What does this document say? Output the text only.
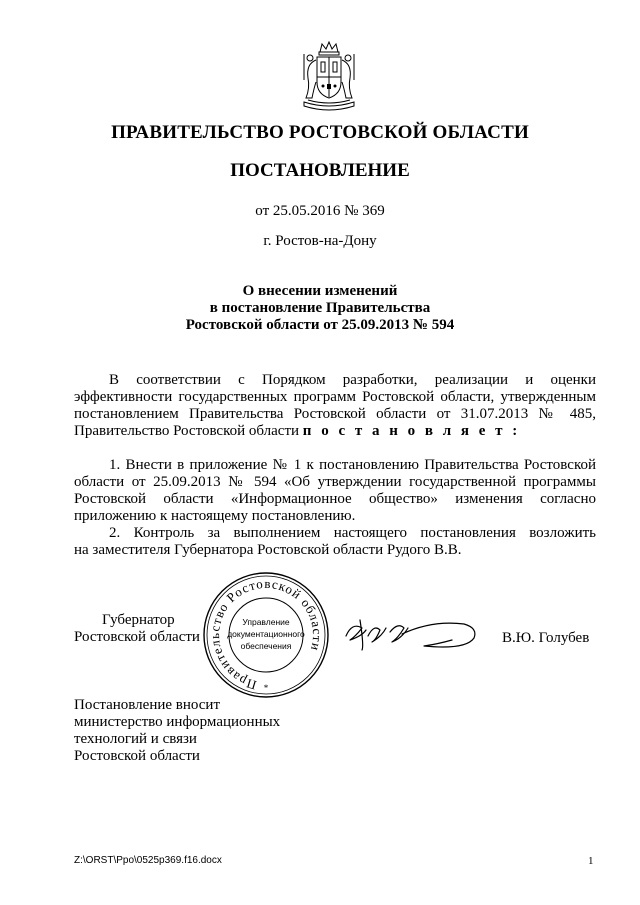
ПРАВИТЕЛЬСТВО РОСТОВСКОЙ ОБЛАСТИ
ПОСТАНОВЛЕНИЕ
от 25.05.2016 № 369
г. Ростов-на-Дону
О внесении изменений
в постановление Правительства
Ростовской области от 25.09.2013 № 594
В    соответствии    с    Порядком    разработки,    реализации    и    оценки
эффективности государственных программ Ростовской области, утвержденным
постановлением Правительства Ростовской области от 31.07.2013 № 485,
Правительство Ростовской области п о с т а н о в л я е т :
1. Внести в приложение № 1 к постановлению Правительства Ростовской
области от 25.09.2013 № 594 «Об утверждении государственной программы
Ростовской области «Информационное общество» изменения согласно
приложению к настоящему постановлению.
2. Контроль за выполнением настоящего постановления возложить
на заместителя Губернатора Ростовской области Рудого В.В.
Губернатор
Ростовской области
Правительство Ростовской области
Управление
документационного
обеспечения
*
В.Ю. Голубев
Постановление вносит
министерство информационных
технологий и связи
Ростовской области
Z:\ORST\Ppo\0525p369.f16.docx	1
